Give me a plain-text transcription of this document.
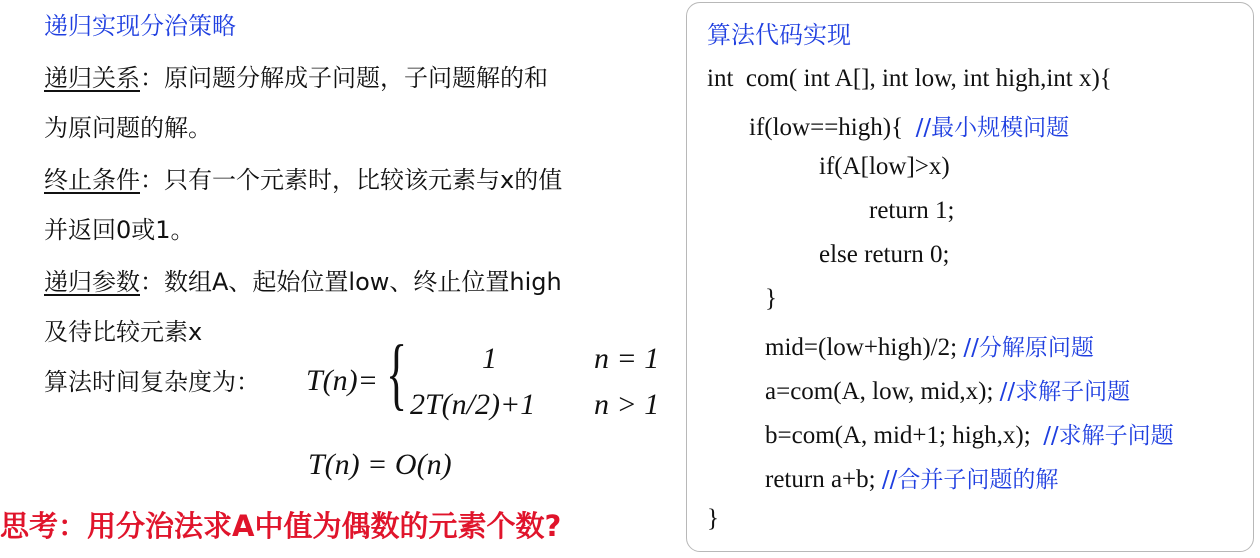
递归实现分治策略
递归关系：原问题分解成子问题，子问题解的和
为原问题的解。
终止条件：只有一个元素时，比较该元素与x的值
并返回0或1。
递归参数：数组A、起始位置low、终止位置high
及待比较元素x
算法时间复杂度为： T(n)= { 1	n = 1
2T(n/2)+1 n > 1
T(n) = O(n)
思考：用分治法求A中值为偶数的元素个数?
算法代码实现
int  com( int A[], int low, int high,int x){
if(low==high){  //最小规模问题
if(A[low]>x)
return 1;
else return 0;
}
mid=(low+high)/2; //分解原问题
a=com(A, low, mid,x); //求解子问题
b=com(A, mid+1; high,x);  //求解子问题
return a+b; //合并子问题的解
}
